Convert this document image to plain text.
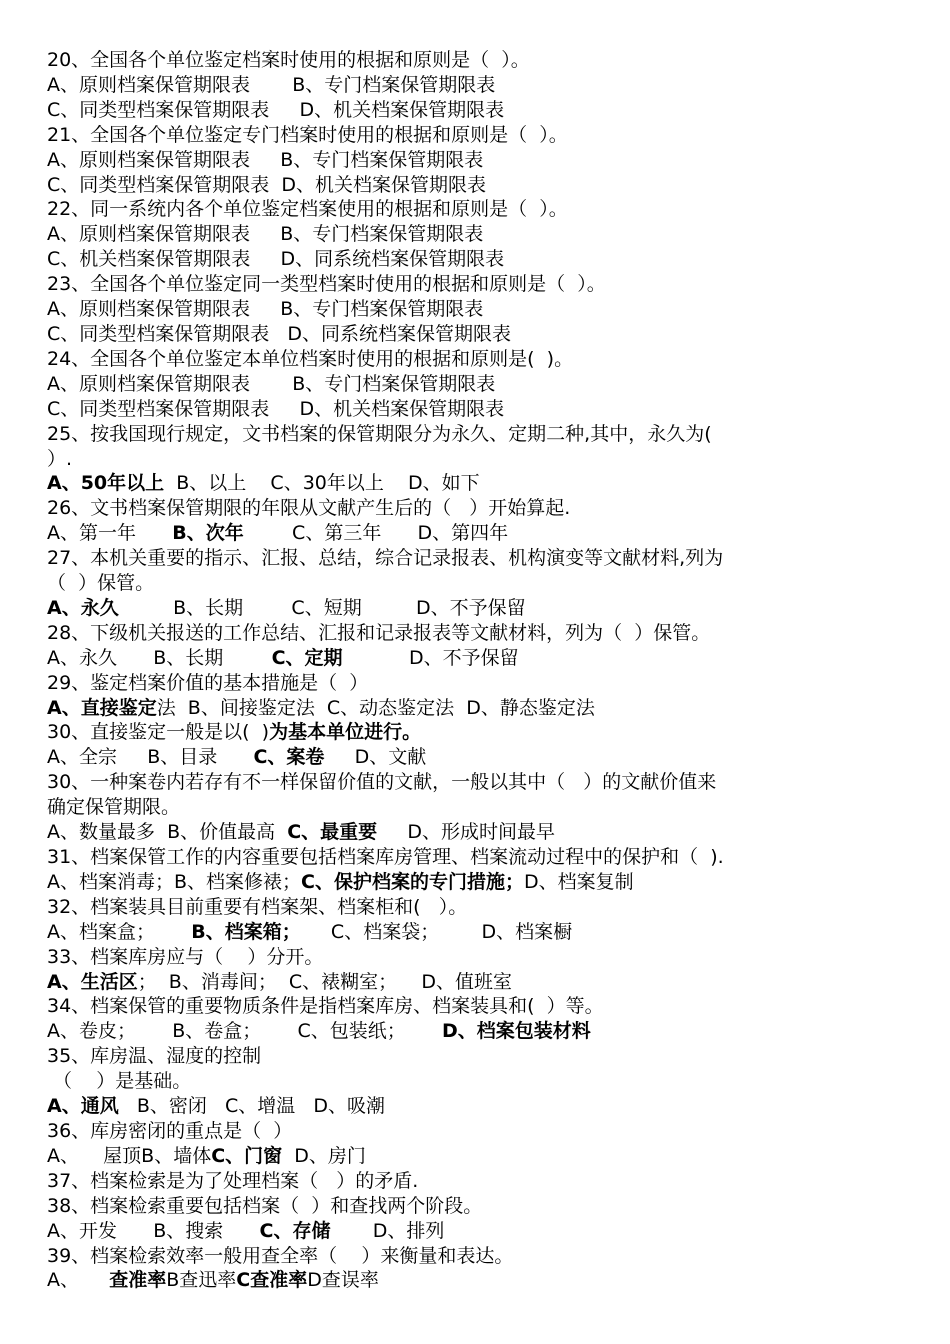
20、全国各个单位鉴定档案时使用的根据和原则是（  ）。
A、原则档案保管期限表       B、专门档案保管期限表
C、同类型档案保管期限表     D、机关档案保管期限表
21、全国各个单位鉴定专门档案时使用的根据和原则是（  ）。
A、原则档案保管期限表     B、专门档案保管期限表
C、同类型档案保管期限表  D、机关档案保管期限表
22、同一系统内各个单位鉴定档案使用的根据和原则是（  ）。
A、原则档案保管期限表     B、专门档案保管期限表
C、机关档案保管期限表     D、同系统档案保管期限表
23、全国各个单位鉴定同一类型档案时使用的根据和原则是（  ）。
A、原则档案保管期限表     B、专门档案保管期限表
C、同类型档案保管期限表   D、同系统档案保管期限表
24、全国各个单位鉴定本单位档案时使用的根据和原则是(  )。
A、原则档案保管期限表       B、专门档案保管期限表
C、同类型档案保管期限表     D、机关档案保管期限表
25、按我国现行规定，文书档案的保管期限分为永久、定期二种,其中，永久为(
）.
A、50年以上  B、以上    C、30年以上    D、如下
26、文书档案保管期限的年限从文献产生后的（   ）开始算起.
A、第一年      B、次年        C、第三年      D、第四年
27、本机关重要的指示、汇报、总结，综合记录报表、机构演变等文献材料,列为
（  ）保管。
A、永久         B、长期        C、短期         D、不予保留
28、下级机关报送的工作总结、汇报和记录报表等文献材料，列为（  ）保管。
A、永久      B、长期        C、定期           D、不予保留
29、鉴定档案价值的基本措施是（  ）
A、直接鉴定法  B、间接鉴定法  C、动态鉴定法  D、静态鉴定法
30、直接鉴定一般是以(  )为基本单位进行。
A、全宗     B、目录      C、案卷     D、文献
30、一种案卷内若存有不一样保留价值的文献，一般以其中（   ）的文献价值来
确定保管期限。
A、数量最多  B、价值最高  C、最重要     D、形成时间最早
31、档案保管工作的内容重要包括档案库房管理、档案流动过程中的保护和（  ).
A、档案消毒；B、档案修裱；C、保护档案的专门措施；D、档案复制
32、档案装具目前重要有档案架、档案柜和(   ）。
A、档案盒；      B、档案箱；     C、档案袋；       D、档案橱
33、档案库房应与（    ）分开。
A、生活区；  B、消毒间；  C、裱糊室；    D、值班室
34、档案保管的重要物质条件是指档案库房、档案装具和(  ）等。
A、卷皮；      B、卷盒；      C、包装纸；      D、档案包装材料
35、库房温、湿度的控制
（    ）是基础。
A、通风   B、密闭   C、增温   D、吸潮
36、库房密闭的重点是（  ）
A、    屋顶B、墙体C、门窗  D、房门
37、档案检索是为了处理档案（   ）的矛盾.
38、档案检索重要包括档案（  ）和查找两个阶段。
A、开发      B、搜索      C、存储       D、排列
39、档案检索效率一般用查全率（    ）来衡量和表达。
A、     查准率B查迅率C查准率D查误率
